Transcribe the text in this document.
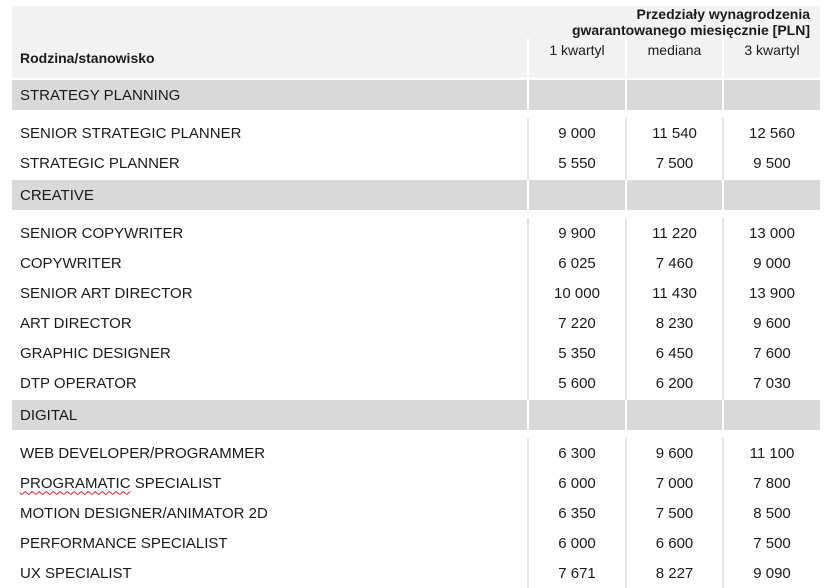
	Przedziały wynagrodzenia gwarantowanego miesięcznie [PLN]		
Rodzina/stanowisko	1 kwartyl	mediana	3 kwartyl
STRATEGY PLANNING			

SENIOR STRATEGIC PLANNER	9 000	11 540	12 560
STRATEGIC PLANNER	5 550	7 500	9 500
CREATIVE			

SENIOR COPYWRITER	9 900	11 220	13 000
COPYWRITER	6 025	7 460	9 000
SENIOR ART DIRECTOR	10 000	11 430	13 900
ART DIRECTOR	7 220	8 230	9 600
GRAPHIC DESIGNER	5 350	6 450	7 600
DTP OPERATOR	5 600	6 200	7 030
DIGITAL			

WEB DEVELOPER/PROGRAMMER	6 300	9 600	11 100
PROGRAMATIC SPECIALIST	6 000	7 000	7 800
MOTION DESIGNER/ANIMATOR 2D	6 350	7 500	8 500
PERFORMANCE SPECIALIST	6 000	6 600	7 500
UX SPECIALIST	7 671	8 227	9 090
